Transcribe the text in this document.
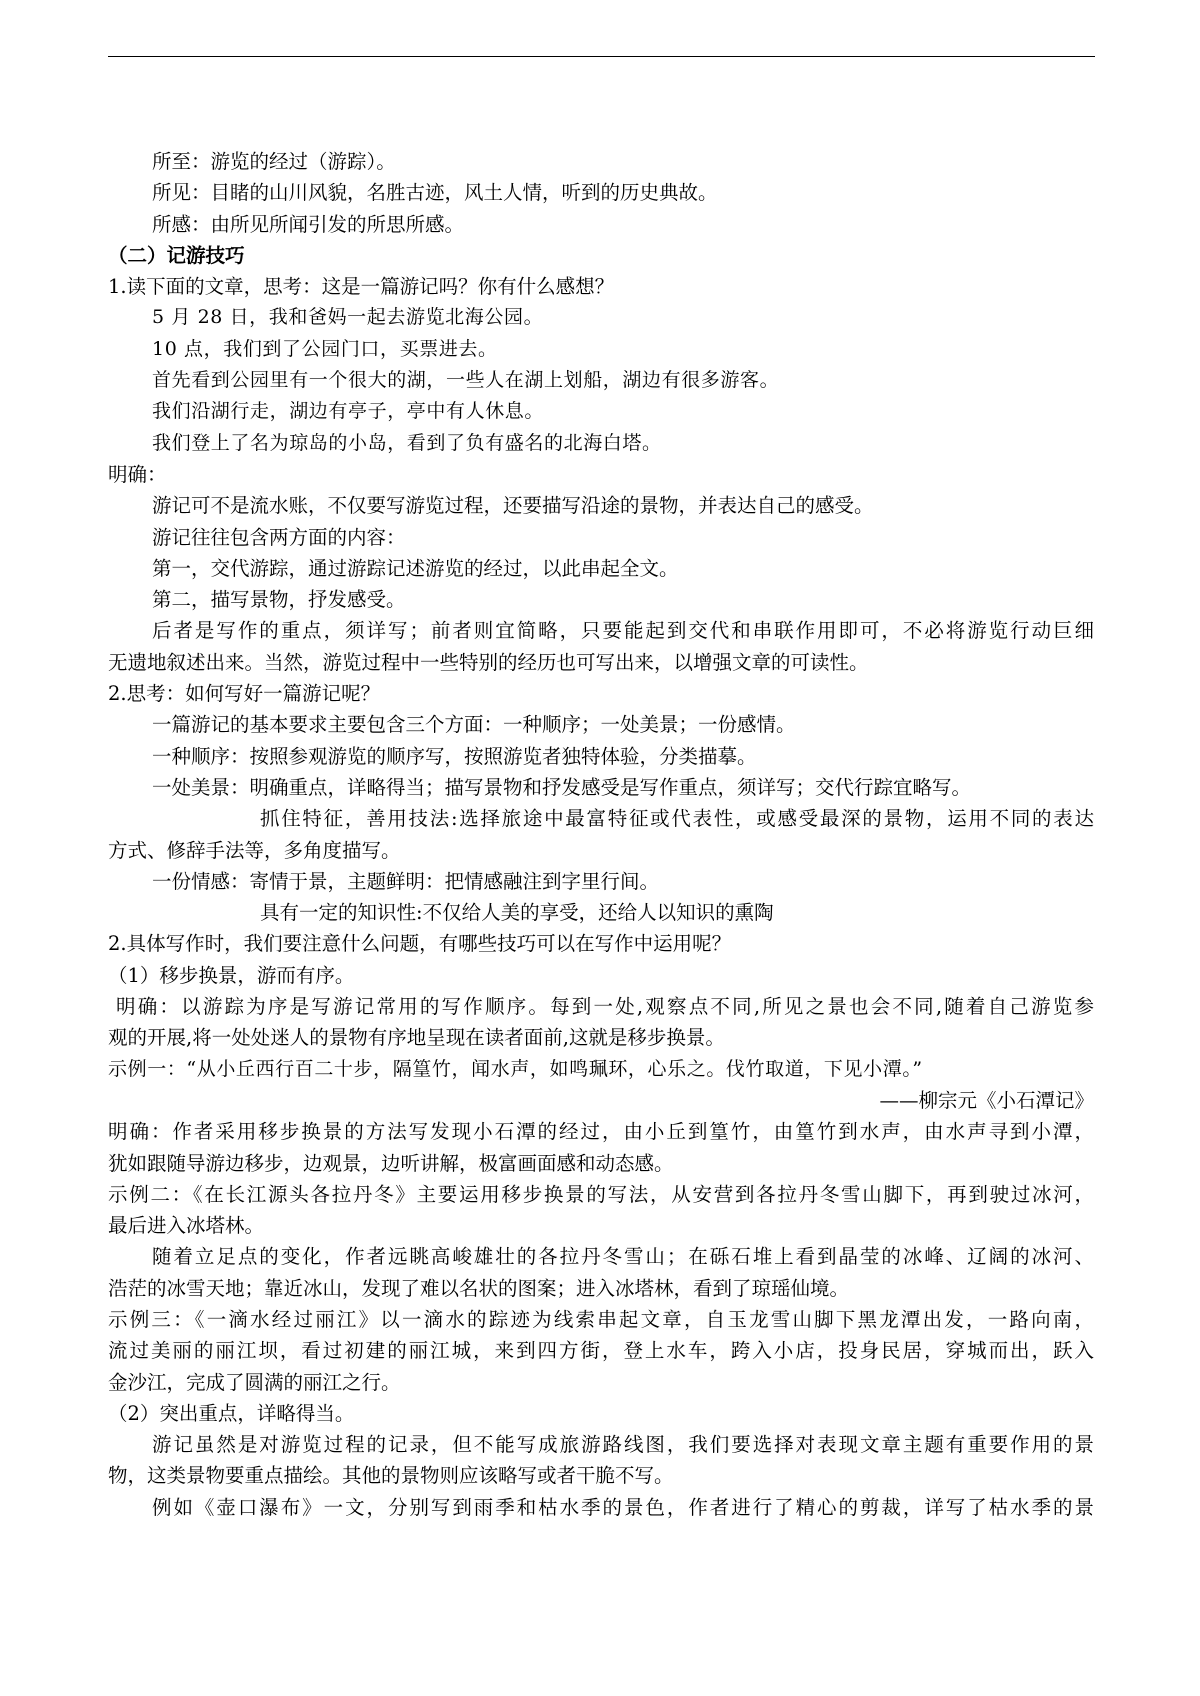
所至：游览的经过（游踪）。
所见：目睹的山川风貌，名胜古迹，风土人情，听到的历史典故。
所感：由所见所闻引发的所思所感。
（二）记游技巧
1.读下面的文章，思考：这是一篇游记吗？你有什么感想？
5 月 28 日，我和爸妈一起去游览北海公园。
10 点，我们到了公园门口，买票进去。
首先看到公园里有一个很大的湖，一些人在湖上划船，湖边有很多游客。
我们沿湖行走，湖边有亭子，亭中有人休息。
我们登上了名为琼岛的小岛，看到了负有盛名的北海白塔。
明确：
游记可不是流水账，不仅要写游览过程，还要描写沿途的景物，并表达自己的感受。
游记往往包含两方面的内容：
第一，交代游踪，通过游踪记述游览的经过，以此串起全文。
第二，描写景物，抒发感受。
后者是写作的重点，须详写；前者则宜简略，只要能起到交代和串联作用即可，不必将游览行动巨细
无遗地叙述出来。当然，游览过程中一些特别的经历也可写出来，以增强文章的可读性。
2.思考：如何写好一篇游记呢？
一篇游记的基本要求主要包含三个方面：一种顺序；一处美景；一份感情。
一种顺序：按照参观游览的顺序写，按照游览者独特体验，分类描摹。
一处美景：明确重点，详略得当；描写景物和抒发感受是写作重点，须详写；交代行踪宜略写。
抓住特征，善用技法:选择旅途中最富特征或代表性，或感受最深的景物，运用不同的表达
方式、修辞手法等，多角度描写。
一份情感：寄情于景，主题鲜明：把情感融注到字里行间。
具有一定的知识性:不仅给人美的享受，还给人以知识的熏陶
2.具体写作时，我们要注意什么问题，有哪些技巧可以在写作中运用呢？
（1）移步换景，游而有序。
明确：以游踪为序是写游记常用的写作顺序。每到一处,观察点不同,所见之景也会不同,随着自己游览参
观的开展,将一处处迷人的景物有序地呈现在读者面前,这就是移步换景。
示例一：“从小丘西行百二十步，隔篁竹，闻水声，如鸣珮环，心乐之。伐竹取道，下见小潭。”
——柳宗元《小石潭记》
明确：作者采用移步换景的方法写发现小石潭的经过，由小丘到篁竹，由篁竹到水声，由水声寻到小潭，
犹如跟随导游边移步，边观景，边听讲解，极富画面感和动态感。
示例二：《在长江源头各拉丹冬》主要运用移步换景的写法，从安营到各拉丹冬雪山脚下，再到驶过冰河，
最后进入冰塔林。
随着立足点的变化，作者远眺高峻雄壮的各拉丹冬雪山；在砾石堆上看到晶莹的冰峰、辽阔的冰河、
浩茫的冰雪天地；靠近冰山，发现了难以名状的图案；进入冰塔林，看到了琼瑶仙境。
示例三：《一滴水经过丽江》以一滴水的踪迹为线索串起文章，自玉龙雪山脚下黑龙潭出发，一路向南，
流过美丽的丽江坝，看过初建的丽江城，来到四方街，登上水车，跨入小店，投身民居，穿城而出，跃入
金沙江，完成了圆满的丽江之行。
（2）突出重点，详略得当。
游记虽然是对游览过程的记录，但不能写成旅游路线图，我们要选择对表现文章主题有重要作用的景
物，这类景物要重点描绘。其他的景物则应该略写或者干脆不写。
例如《壶口瀑布》一文，分别写到雨季和枯水季的景色，作者进行了精心的剪裁，详写了枯水季的景
